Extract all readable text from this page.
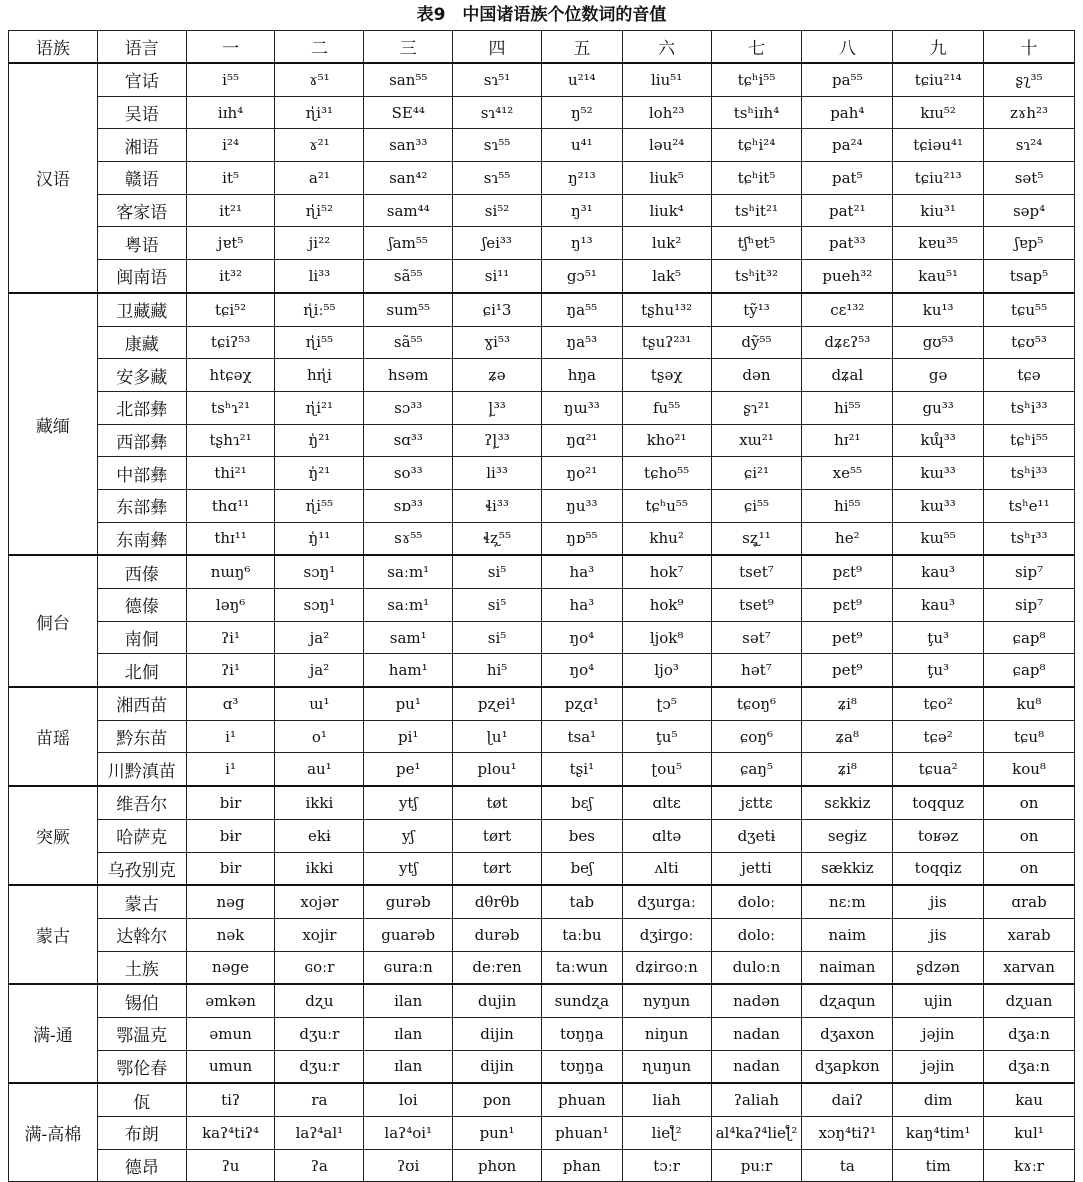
表9　中国诸语族个位数词的音值
语族	语言	一	二	三	四	五	六	七	八	九	十
汉语	官话	i⁵⁵	ɤ⁵¹	san⁵⁵	sɿ⁵¹	u²¹⁴	liu⁵¹	tɕʰi⁵⁵	pa⁵⁵	tɕiu²¹⁴	ʂʅ³⁵
	吴语	iɪh⁴	ɳ̍i³¹	SE⁴⁴	sɿ⁴¹²	ŋ⁵²	loh²³	tsʰiɪh⁴	pah⁴	kɪu⁵²	zɤh²³
	湘语	i²⁴	ɤ²¹	san³³	sɿ⁵⁵	u⁴¹	ləu²⁴	tɕʰi²⁴	pa²⁴	tɕiəu⁴¹	sɿ²⁴
	赣语	it⁵	a²¹	san⁴²	sɿ⁵⁵	ŋ²¹³	liuk⁵	tɕʰit⁵	pat⁵	tɕiu²¹³	sət⁵
	客家语	it²¹	ɳ̍i⁵²	sam⁴⁴	si⁵²	ŋ³¹	liuk⁴	tsʰit²¹	pat²¹	kiu³¹	səp⁴
	粤语	jɐt⁵	ji²²	ʃam⁵⁵	ʃei³³	ŋ¹³	luk²	tʃʰɐt⁵	pat³³	kɐu³⁵	ʃɐp⁵
	闽南语	it³²	li³³	sã⁵⁵	si¹¹	gɔ⁵¹	lak⁵	tsʰit³²	pueh³²	kau⁵¹	tsap⁵
藏缅	卫藏藏	tɕi⁵²	ɳ̍iː⁵⁵	sum⁵⁵	ɕi¹3	ŋa⁵⁵	tʂhu¹³²	tỹ¹³	cɛ¹³²	ku¹³	tɕu⁵⁵
	康藏	tɕiʔ⁵³	ɳ̍i⁵⁵	sã⁵⁵	ɣi⁵³	ŋa⁵³	tʂuʔ²³¹	dỹ⁵⁵	dʑɛʔ⁵³	gʊ⁵³	tɕʊ⁵³
	安多藏	htɕəχ	hɳ̍i	hsəm	ʑə	hŋa	tʂəχ	dən	dʑal	gə	tɕə
	北部彝	tsʰɿ²¹	ɳ̍i²¹	sɔ³³	ɭ̩³³	ŋɯ³³	fu⁵⁵	ʂɿ²¹	hi⁵⁵	gu³³	tsʰi³³
	西部彝	tʂhɿ²¹	ŋ̍²¹	sɑ³³	ʔɭ̩³³	ŋɑ²¹	kho²¹	xɯ²¹	hɪ²¹	kɰ̊³³	tɕʰi⁵⁵
	中部彝	thi²¹	ŋ̍²¹	so³³	li³³	ŋo²¹	tɕho⁵⁵	ɕi²¹	xe⁵⁵	kɯ³³	tsʰi³³
	东部彝	thɑ¹¹	ɳ̍i⁵⁵	sɒ³³	ɬi³³	ŋu³³	tɕʰu⁵⁵	ɕi⁵⁵	hi⁵⁵	kɯ³³	tsʰe¹¹
	东南彝	thɪ¹¹	ŋ̍¹¹	sɤ⁵⁵	ɬʐ̩⁵⁵	ŋɒ⁵⁵	khu²	sʐ̥¹¹	he²	kɯ⁵⁵	tsʰɪ³³
侗台	西傣	nɯŋ⁶	sɔŋ¹	saːm¹	si⁵	ha³	hok⁷	tset⁷	pɛt⁹	kau³	sip⁷
	德傣	ləŋ⁶	sɔŋ¹	saːm¹	si⁵	ha³	hok⁹	tset⁹	pɛt⁹	kau³	sip⁷
	南侗	ʔi¹	ja²	sam¹	si⁵	ŋo⁴	ljok⁸	sət⁷	pet⁹	ţu³	ɕap⁸
	北侗	ʔi¹	ja²	ham¹	hi⁵	ŋo⁴	ljo³	hət⁷	pet⁹	ţu³	ɕap⁸
苗瑶	湘西苗	ɑ³	ɯ¹	pu¹	pʐei¹	pʐɑ¹	ʈɔ⁵	tɕoŋ⁶	ʑi⁸	tɕo²	ku⁸
	黔东苗	i¹	o¹	pi¹	ɭu¹	tsa¹	ţu⁵	ɕoŋ⁶	ʑa⁸	tɕə²	tɕu⁸
	川黔滇苗	i¹	au¹	pe¹	plou¹	tʂi¹	ʈou⁵	ɕaŋ⁵	ʑi⁸	tɕua²	kou⁸
突厥	维吾尔	bir	ikki	ytʃ	tøt	bɛʃ	ɑltɛ	jɛttɛ	sɛkkiz	toqquz	on
	哈萨克	bɨr	ekɨ	yʃ	tørt	bes	ɑltə	dʒetɨ	segɨz	toʁəz	on
	乌孜别克	bir	ikki	ytʃ	tørt	beʃ	ʌlti	jetti	sækkiz	toqqiz	on
蒙古	蒙古	nəg	xojər	gurəb	dθrθb	tab	dʒurgaː	doloː	nɛːm	jis	ɑrab
	达斡尔	nək	xojir	guarəb	durəb	taːbu	dʒirgoː	doloː	naim	jis	xarab
	土族	nəge	ɢoːr	ɢuraːn	deːren	taːwun	dʑirɢoːn	duloːn	naiman	ʂdzən	xarvan
满-通	锡伯	əmkən	dʐu	ilan	dujin	sundʐa	nyŋun	nadən	dʐaqun	ujin	dʐuan
	鄂温克	əmun	dʒuːr	ɪlan	dijin	tʊŋŋa	niŋun	nadan	dʒaxʊn	jəjin	dʒaːn
	鄂伦春	umun	dʒuːr	ɪlan	dijin	tʊŋŋa	ɳuŋun	nadan	dʒapkʊn	jəjin	dʒaːn
满-高棉	佤	tiʔ	ra	loi	pon	phuan	liah	ʔaliah	daiʔ	dim	kau
	布朗	kaʔ⁴tiʔ⁴	laʔ⁴al¹	laʔ⁴oi¹	pun¹	phuan¹	lieɭ̊²	al⁴kaʔ⁴lieɭ̊²	xɔŋ⁴tiʔ¹	kaŋ⁴tim¹	kul¹
	德昂	ʔu	ʔa	ʔʊi	phʊn	phan	tɔːr	puːr	ta	tim	kɤːr
